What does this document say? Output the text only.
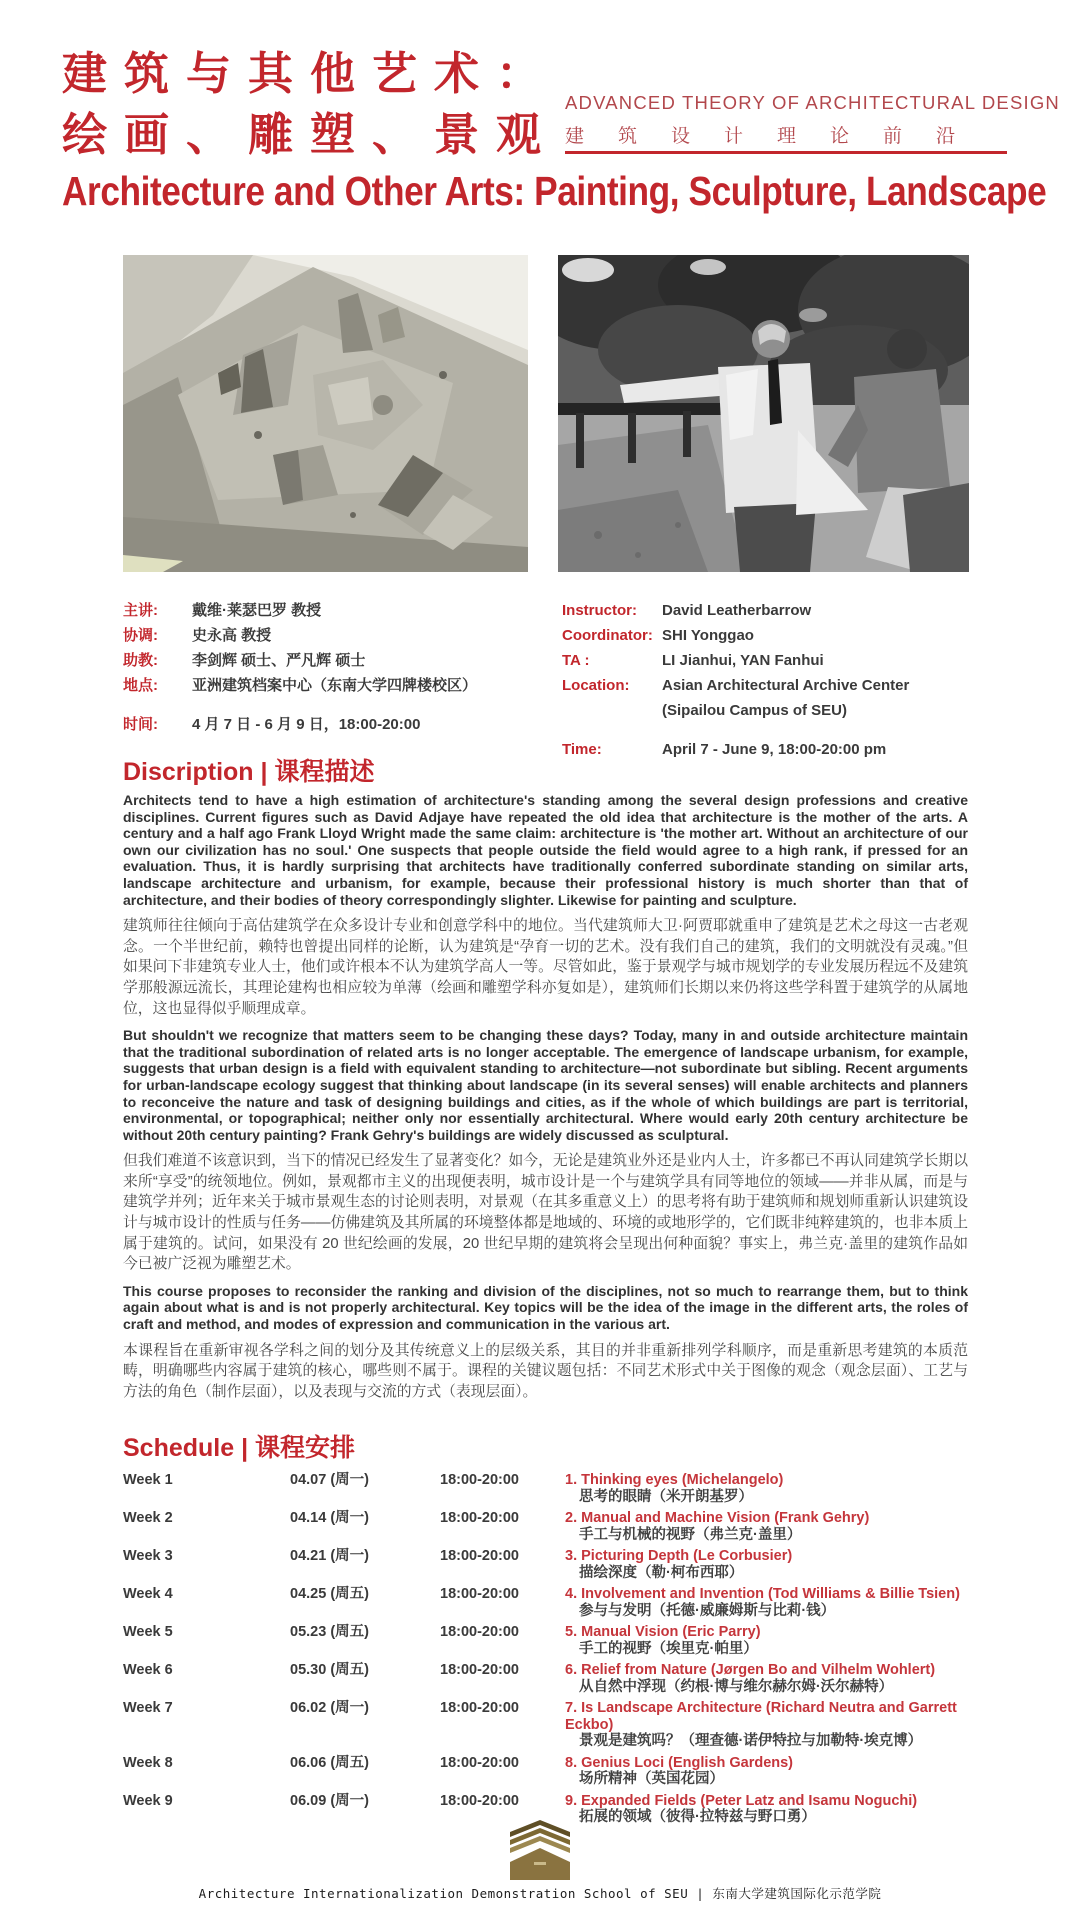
建筑与其他艺术：
绘画、雕塑、景观
ADVANCED THEORY OF ARCHITECTURAL DESIGN
建筑设计理论前沿
Architecture and Other Arts: Painting, Sculpture, Landscape
主讲:	戴维·莱瑟巴罗 教授
协调:	史永高 教授
助教:	李剑辉 硕士、严凡辉 硕士
地点:	亚洲建筑档案中心（东南大学四牌楼校区）
时间:	4 月 7 日 - 6 月 9 日，18:00-20:00
Instructor:	David Leatherbarrow
Coordinator: SHI Yonggao
TA :	LI Jianhui, YAN Fanhui
Location:	Asian Architectural Archive Center
(Sipailou Campus of SEU)
Time:	April 7 - June 9, 18:00-20:00 pm
Discription | 课程描述

Architects tend to have a high estimation of architecture's standing among the several design professions and creative disciplines. Current figures such as David Adjaye have repeated the old idea that architecture is the mother of the arts. A century and a half ago Frank Lloyd Wright made the same claim: architecture is 'the mother art. Without an architecture of our own our civilization has no soul.' One suspects that people outside the field would agree to a high rank, if pressed for an evaluation. Thus, it is hardly surprising that architects have traditionally conferred subordinate standing on similar arts, landscape architecture and urbanism, for example, because their professional history is much shorter than that of architecture, and their bodies of theory correspondingly slighter. Likewise for painting and sculpture.

建筑师往往倾向于高估建筑学在众多设计专业和创意学科中的地位。当代建筑师大卫·阿贾耶就重申了建筑是艺术之母这一古老观念。一个半世纪前，赖特也曾提出同样的论断，认为建筑是“孕育一切的艺术。没有我们自己的建筑，我们的文明就没有灵魂。”但如果问下非建筑专业人士，他们或许根本不认为建筑学高人一等。尽管如此，鉴于景观学与城市规划学的专业发展历程远不及建筑学那般源远流长，其理论建构也相应较为单薄（绘画和雕塑学科亦复如是），建筑师们长期以来仍将这些学科置于建筑学的从属地位，这也显得似乎顺理成章。

But shouldn't we recognize that matters seem to be changing these days? Today, many in and outside architecture maintain that the traditional subordination of related arts is no longer acceptable. The emergence of landscape urbanism, for example, suggests that urban design is a field with equivalent standing to architecture—not subordinate but sibling. Recent arguments for urban-landscape ecology suggest that thinking about landscape (in its several senses) will enable architects and planners to reconceive the nature and task of designing buildings and cities, as if the whole of which buildings are part is territorial, environmental, or topographical; neither only nor essentially architectural. Where would early 20th century architecture be without 20th century painting? Frank Gehry's buildings are widely discussed as sculptural.

但我们难道不该意识到，当下的情况已经发生了显著变化？如今，无论是建筑业外还是业内人士，许多都已不再认同建筑学长期以来所“享受”的统领地位。例如，景观都市主义的出现便表明，城市设计是一个与建筑学具有同等地位的领域——并非从属，而是与建筑学并列；近年来关于城市景观生态的讨论则表明，对景观（在其多重意义上）的思考将有助于建筑师和规划师重新认识建筑设计与城市设计的性质与任务——仿佛建筑及其所属的环境整体都是地域的、环境的或地形学的，它们既非纯粹建筑的，也非本质上属于建筑的。试问，如果没有 20 世纪绘画的发展，20 世纪早期的建筑将会呈现出何种面貌？事实上，弗兰克·盖里的建筑作品如今已被广泛视为雕塑艺术。

This course proposes to reconsider the ranking and division of the disciplines, not so much to rearrange them, but to think again about what is and is not properly architectural. Key topics will be the idea of the image in the different arts, the roles of craft and method, and modes of expression and communication in the various art.

本课程旨在重新审视各学科之间的划分及其传统意义上的层级关系，其目的并非重新排列学科顺序，而是重新思考建筑的本质范畴，明确哪些内容属于建筑的核心，哪些则不属于。课程的关键议题包括：不同艺术形式中关于图像的观念（观念层面）、工艺与方法的角色（制作层面），以及表现与交流的方式（表现层面）。

Schedule | 课程安排
Week 1	04.07 (周一)	18:00-20:00	1. Thinking eyes (Michelangelo)
思考的眼睛（米开朗基罗）
Week 2	04.14 (周一)	18:00-20:00	2. Manual and Machine Vision (Frank Gehry)
手工与机械的视野（弗兰克·盖里）
Week 3	04.21 (周一)	18:00-20:00	3. Picturing Depth (Le Corbusier)
描绘深度（勒·柯布西耶）
Week 4	04.25 (周五)	18:00-20:00	4. Involvement and Invention (Tod Williams & Billie Tsien)
参与与发明（托德·威廉姆斯与比莉·钱）
Week 5	05.23 (周五)	18:00-20:00	5. Manual Vision (Eric Parry)
手工的视野（埃里克·帕里）
Week 6	05.30 (周五)	18:00-20:00	6. Relief from Nature (Jørgen Bo and Vilhelm Wohlert)
从自然中浮现（约根·博与维尔赫尔姆·沃尔赫特）
Week 7	06.02 (周一)	18:00-20:00	7. Is Landscape Architecture (Richard Neutra and Garrett Eckbo)
景观是建筑吗？（理查德·诺伊特拉与加勒特·埃克博）
Week 8	06.06 (周五)	18:00-20:00	8. Genius Loci (English Gardens)
场所精神（英国花园）
Week 9	06.09 (周一)	18:00-20:00	9. Expanded Fields (Peter Latz and Isamu Noguchi)
拓展的领域（彼得·拉特兹与野口勇）
Architecture Internationalization Demonstration School of SEU | 东南大学建筑国际化示范学院
